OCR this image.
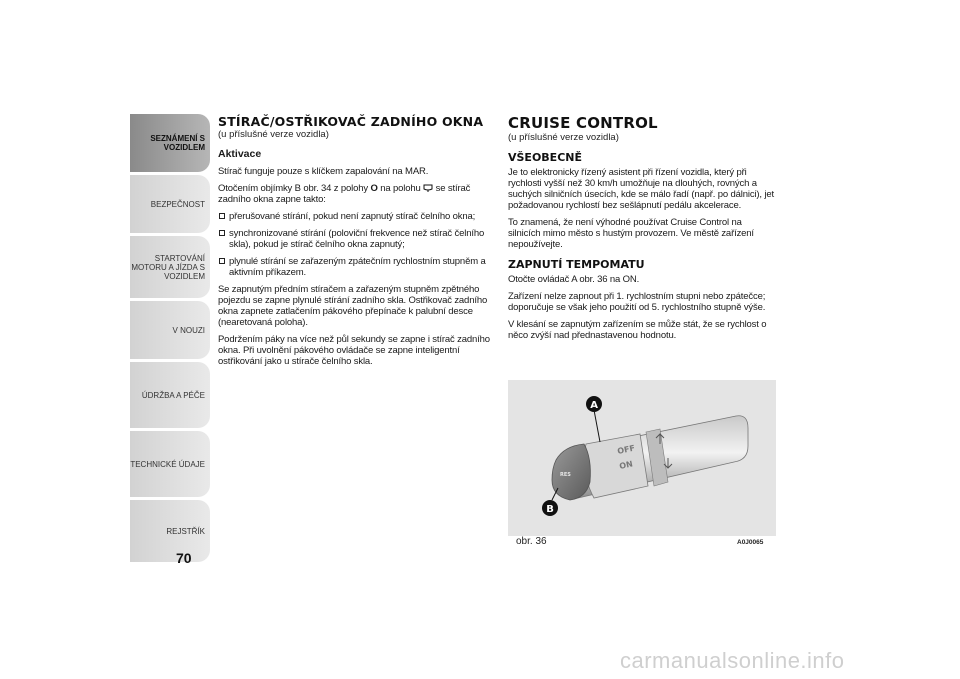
SEZNÁMENÍ S VOZIDLEM
BEZPEČNOST
STARTOVÁNÍ MOTORU A JÍZDA S VOZIDLEM
V NOUZI
ÚDRŽBA A PÉČE
TECHNICKÉ ÚDAJE
REJSTŘÍK
70
STÍRAČ/OSTŘIKOVAČ ZADNÍHO OKNA
(u příslušné verze vozidla)
Aktivace

Stírač funguje pouze s klíčkem zapalování na MAR.

Otočením objímky B obr. 34 z polohy O na polohu se stírač zadního okna zapne takto:

přerušované stírání, pokud není zapnutý stírač čelního okna;

synchronizované stírání (poloviční frekvence než stírač čelního skla), pokud je stírač čelního okna zapnutý;

plynulé stírání se zařazeným zpátečním rychlostním stupněm a aktivním příkazem.

Se zapnutým předním stíračem a zařazeným stupněm zpětného pojezdu se zapne plynulé stírání zadního skla. Ostřikovač zadního okna zapnete zatlačením pákového přepínače k palubní desce (nearetovaná poloha).

Podržením páky na více než půl sekundy se zapne i stírač zadního okna. Při uvolnění pákového ovládače se zapne inteligentní ostřikování jako u stírače čelního skla.

CRUISE CONTROL
(u příslušné verze vozidla)
VŠEOBECNĚ

Je to elektronicky řízený asistent při řízení vozidla, který při rychlosti vyšší než 30 km/h umožňuje na dlouhých, rovných a suchých silničních úsecích, kde se málo řadí (např. po dálnici), jet požadovanou rychlostí bez sešlápnutí pedálu akcelerace.

To znamená, že není výhodné používat Cruise Control na silnicích mimo město s hustým provozem. Ve městě zařízení nepoužívejte.

ZAPNUTÍ TEMPOMATU

Otočte ovládač A obr. 36 na ON.

Zařízení nelze zapnout při 1. rychlostním stupni nebo zpátečce; doporučuje se však jeho použití od 5. rychlostního stupně výše.

V klesání se zapnutým zařízením se může stát, že se rychlost o něco zvýší nad přednastavenou hodnotu.

OFF
ON
RES
A
B
obr. 36	A0J0065
carmanualsonline.info
